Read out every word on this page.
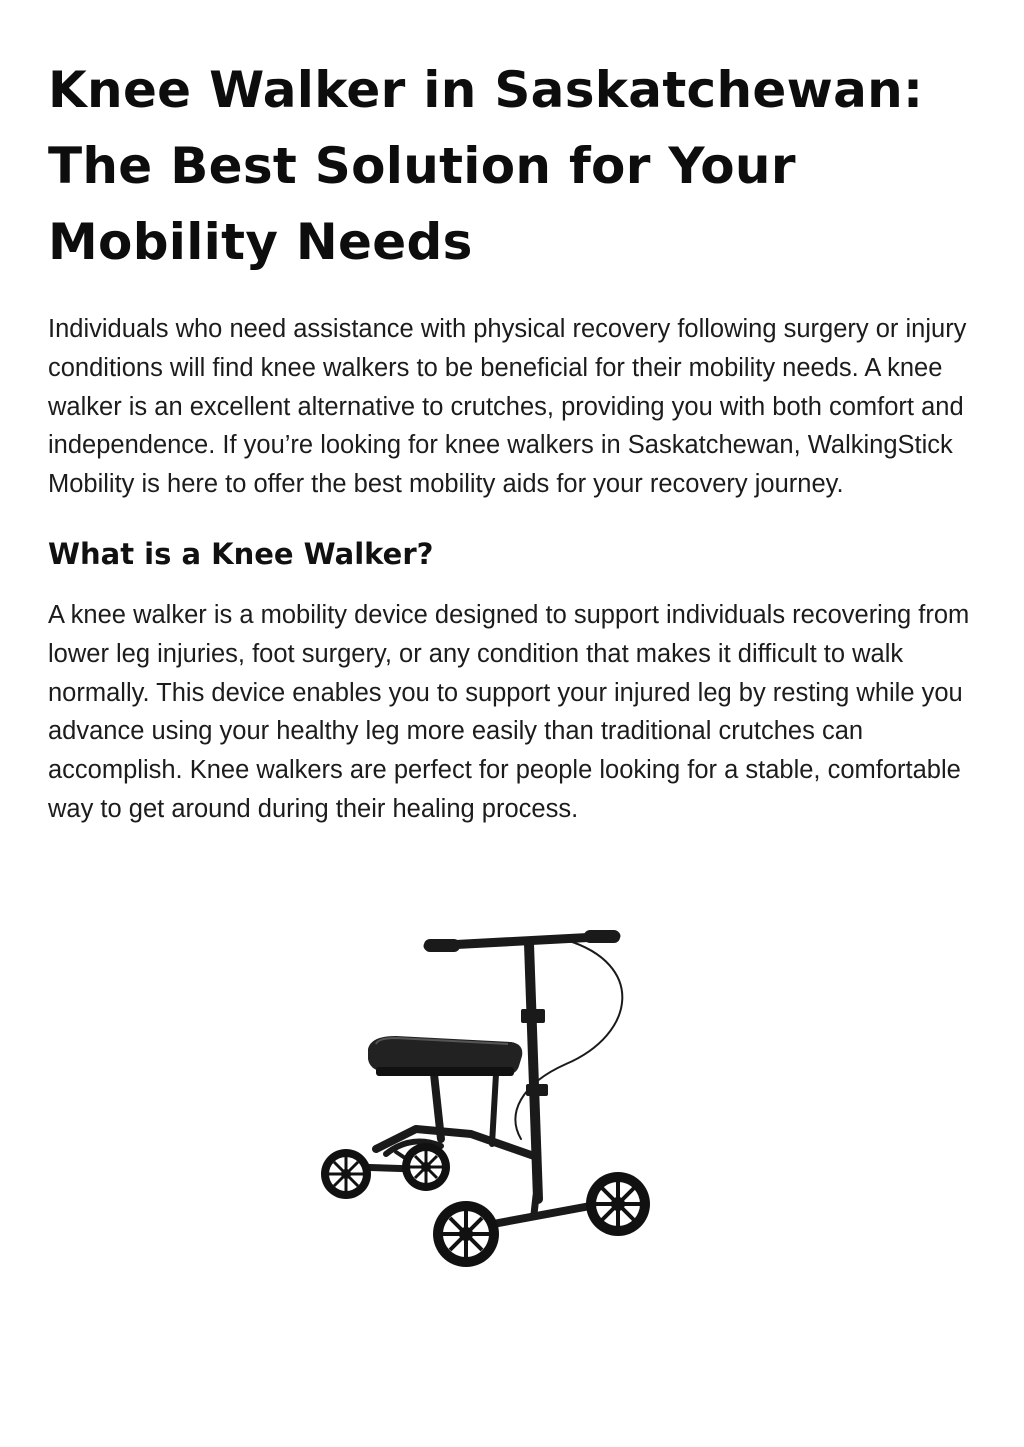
Knee Walker in Saskatchewan: The Best Solution for Your Mobility Needs

Individuals who need assistance with physical recovery following surgery or injury conditions will find knee walkers to be beneficial for their mobility needs. A knee walker is an excellent alternative to crutches, providing you with both comfort and independence. If you’re looking for knee walkers in Saskatchewan, WalkingStick Mobility is here to offer the best mobility aids for your recovery journey.

What is a Knee Walker?

A knee walker is a mobility device designed to support individuals recovering from lower leg injuries, foot surgery, or any condition that makes it difficult to walk normally. This device enables you to support your injured leg by resting while you advance using your healthy leg more easily than traditional crutches can accomplish. Knee walkers are perfect for people looking for a stable, comfortable way to get around during their healing process.
